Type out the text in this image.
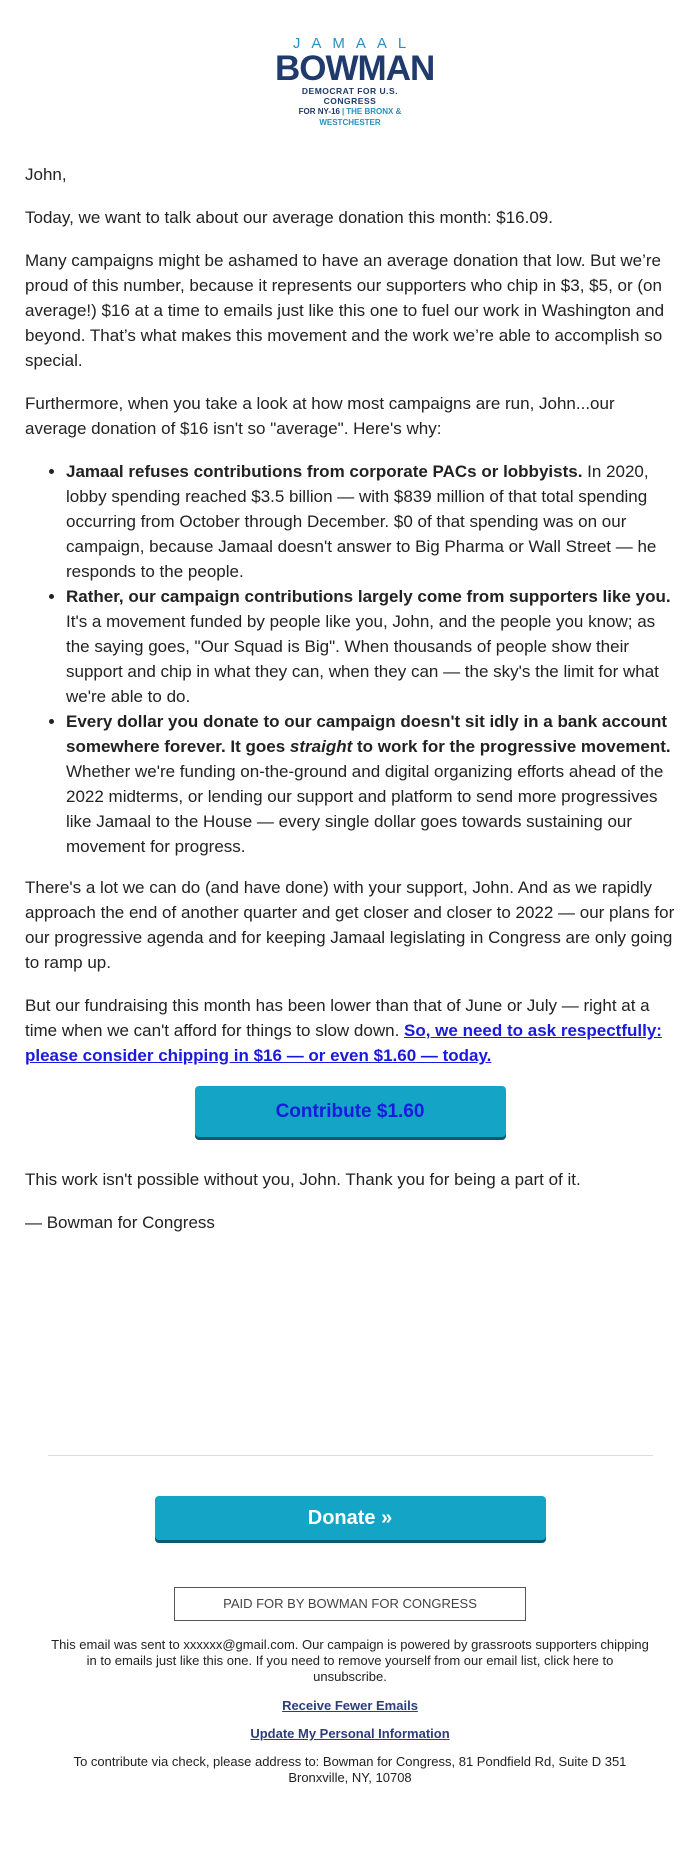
JAMAAL
BOWMAN
DEMOCRAT FOR U.S. CONGRESS
FOR NY-16 | THE BRONX & WESTCHESTER

John,

Today, we want to talk about our average donation this month: $16.09.

Many campaigns might be ashamed to have an average donation that low. But we’re proud of this number, because it represents our supporters who chip in $3, $5, or (on average!) $16 at a time to emails just like this one to fuel our work in Washington and beyond. That’s what makes this movement and the work we’re able to accomplish so special.

Furthermore, when you take a look at how most campaigns are run, John...our average donation of $16 isn't so "average". Here's why:

• Jamaal refuses contributions from corporate PACs or lobbyists. In 2020, lobby spending reached $3.5 billion — with $839 million of that total spending occurring from October through December. $0 of that spending was on our campaign, because Jamaal doesn't answer to Big Pharma or Wall Street — he responds to the people.
• Rather, our campaign contributions largely come from supporters like you. It's a movement funded by people like you, John, and the people you know; as the saying goes, "Our Squad is Big". When thousands of people show their support and chip in what they can, when they can — the sky's the limit for what we're able to do.
• Every dollar you donate to our campaign doesn't sit idly in a bank account somewhere forever. It goes straight to work for the progressive movement. Whether we're funding on-the-ground and digital organizing efforts ahead of the 2022 midterms, or lending our support and platform to send more progressives like Jamaal to the House — every single dollar goes towards sustaining our movement for progress.

There's a lot we can do (and have done) with your support, John. And as we rapidly approach the end of another quarter and get closer and closer to 2022 — our plans for our progressive agenda and for keeping Jamaal legislating in Congress are only going to ramp up.

But our fundraising this month has been lower than that of June or July — right at a time when we can't afford for things to slow down. So, we need to ask respectfully: please consider chipping in $16 — or even $1.60 — today.

Contribute $1.60

This work isn't possible without you, John. Thank you for being a part of it.

— Bowman for Congress

Donate »
PAID FOR BY BOWMAN FOR CONGRESS
This email was sent to xxxxxx@gmail.com. Our campaign is powered by grassroots supporters chipping in to emails just like this one. If you need to remove yourself from our email list, click here to unsubscribe.
Receive Fewer Emails
Update My Personal Information
To contribute via check, please address to: Bowman for Congress, 81 Pondfield Rd, Suite D 351 Bronxville, NY, 10708
